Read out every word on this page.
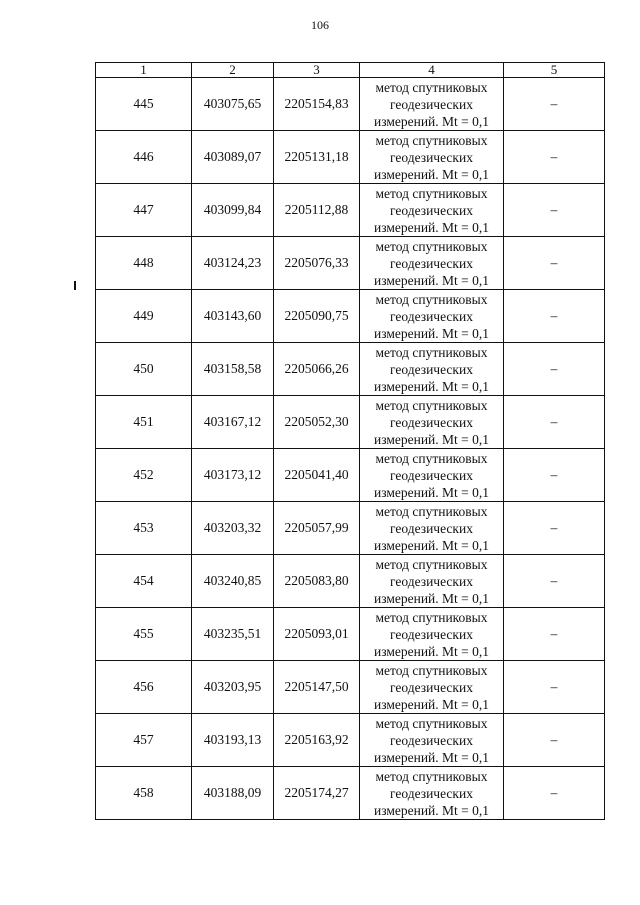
106
1	2	3	4	5
445	403075,65	2205154,83	метод спутниковых
геодезических
измерений. Mt = 0,1	–
446	403089,07	2205131,18	метод спутниковых
геодезических
измерений. Mt = 0,1	–
447	403099,84	2205112,88	метод спутниковых
геодезических
измерений. Mt = 0,1	–
448	403124,23	2205076,33	метод спутниковых
геодезических
измерений. Mt = 0,1	–
449	403143,60	2205090,75	метод спутниковых
геодезических
измерений. Mt = 0,1	–
450	403158,58	2205066,26	метод спутниковых
геодезических
измерений. Mt = 0,1	–
451	403167,12	2205052,30	метод спутниковых
геодезических
измерений. Mt = 0,1	–
452	403173,12	2205041,40	метод спутниковых
геодезических
измерений. Mt = 0,1	–
453	403203,32	2205057,99	метод спутниковых
геодезических
измерений. Mt = 0,1	–
454	403240,85	2205083,80	метод спутниковых
геодезических
измерений. Mt = 0,1	–
455	403235,51	2205093,01	метод спутниковых
геодезических
измерений. Mt = 0,1	–
456	403203,95	2205147,50	метод спутниковых
геодезических
измерений. Mt = 0,1	–
457	403193,13	2205163,92	метод спутниковых
геодезических
измерений. Mt = 0,1	–
458	403188,09	2205174,27	метод спутниковых
геодезических
измерений. Mt = 0,1	–
